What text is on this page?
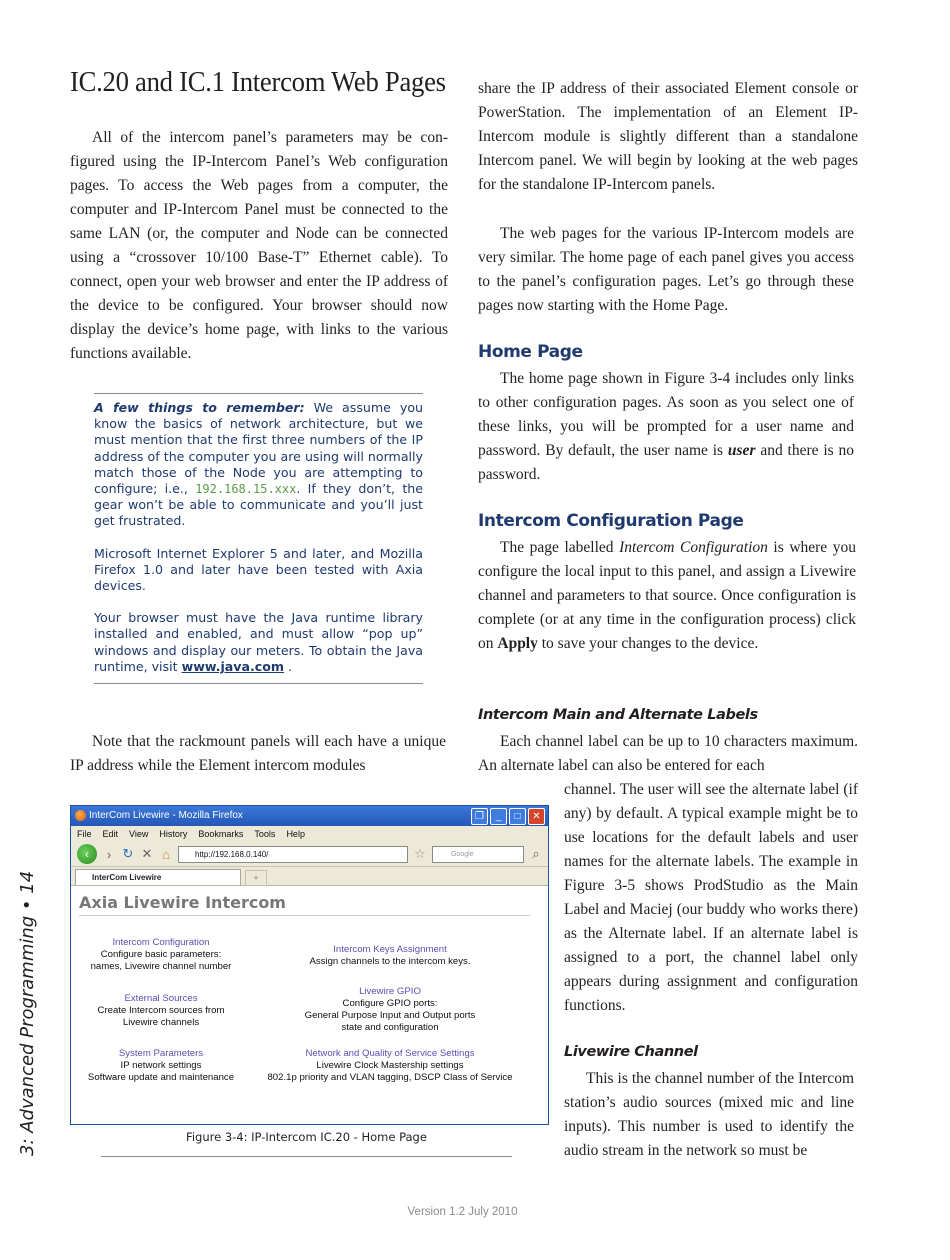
IC.20 and IC.1 Intercom Web Pages

All of the intercom panel’s parameters may be configured using the IP-Intercom Panel’s Web configuration pages. To access the Web pages from a computer, the computer and IP-Intercom Panel must be connected to the same LAN (or, the computer and Node can be connected using a “crossover 10/100 Base-T” Ethernet cable). To connect, open your web browser and enter the IP address of the device to be configured. Your browser should now display the device’s home page, with links to the various functions available.

A few things to remember: We assume you know the basics of network architecture, but we must mention that the first three numbers of the IP address of the computer you are using will normally match those of the Node you are attempting to configure; i.e., 192.168.15.xxx. If they don’t, the gear won’t be able to communicate and you’ll just get frustrated.

Microsoft Internet Explorer 5 and later, and Mozilla Firefox 1.0 and later have been tested with Axia devices.

Your browser must have the Java runtime library installed and enabled, and must allow “pop up” windows and display our meters. To obtain the Java runtime, visit www.java.com .

Note that the rackmount panels will each have a unique IP address while the Element intercom modules

InterCom Livewire - Mozilla Firefox	❐	_	□	✕
File Edit View History Bookmarks Tools Help
‹	› ↻ ✕ ⌂	http://192.168.0.140/	☆	Google	⌕
InterCom Livewire	+
Axia Livewire Intercom
Intercom Configuration
Configure basic parameters:
names, Livewire channel number
Intercom Keys Assignment
Assign channels to the intercom keys.
External Sources
Create Intercom sources from
Livewire channels
Livewire GPIO
Configure GPIO ports:
General Purpose Input and Output ports
state and configuration
System Parameters
IP network settings
Software update and maintenance
Network and Quality of Service Settings
Livewire Clock Mastership settings
802.1p priority and VLAN tagging, DSCP Class of Service
Figure 3-4: IP-Intercom IC.20 - Home Page

share the IP address of their associated Element console or PowerStation. The implementation of an Element IP-Intercom module is slightly different than a standalone Intercom panel. We will begin by looking at the web pages for the standalone IP-Intercom panels.

The web pages for the various IP-Intercom models are very similar. The home page of each panel gives you access to the panel’s configuration pages. Let’s go through these pages now starting with the Home Page.

Home Page

The home page shown in Figure 3-4 includes only links to other configuration pages. As soon as you select one of these links, you will be prompted for a user name and password. By default, the user name is user and there is no password.

Intercom Configuration Page

The page labelled Intercom Configuration is where you configure the local input to this panel, and assign a Livewire channel and parameters to that source. Once configuration is complete (or at any time in the configuration process) click on Apply to save your changes to the device.

Intercom Main and Alternate Labels

Each channel label can be up to 10 characters maximum. An alternate label can also be entered for each

channel. The user will see the alternate label (if any) by default. A typical example might be to use locations for the default labels and user names for the alternate labels. The example in Figure 3-5 shows ProdStudio as the Main Label and Maciej (our buddy who works there) as the Alternate label. If an alternate label is assigned to a port, the channel label only appears during assignment and configuration functions.

Livewire Channel

This is the channel number of the Intercom station’s audio sources (mixed mic and line inputs). This number is used to identify the audio stream in the network so must be

3: Advanced Programming • 14
Version 1.2 July 2010
